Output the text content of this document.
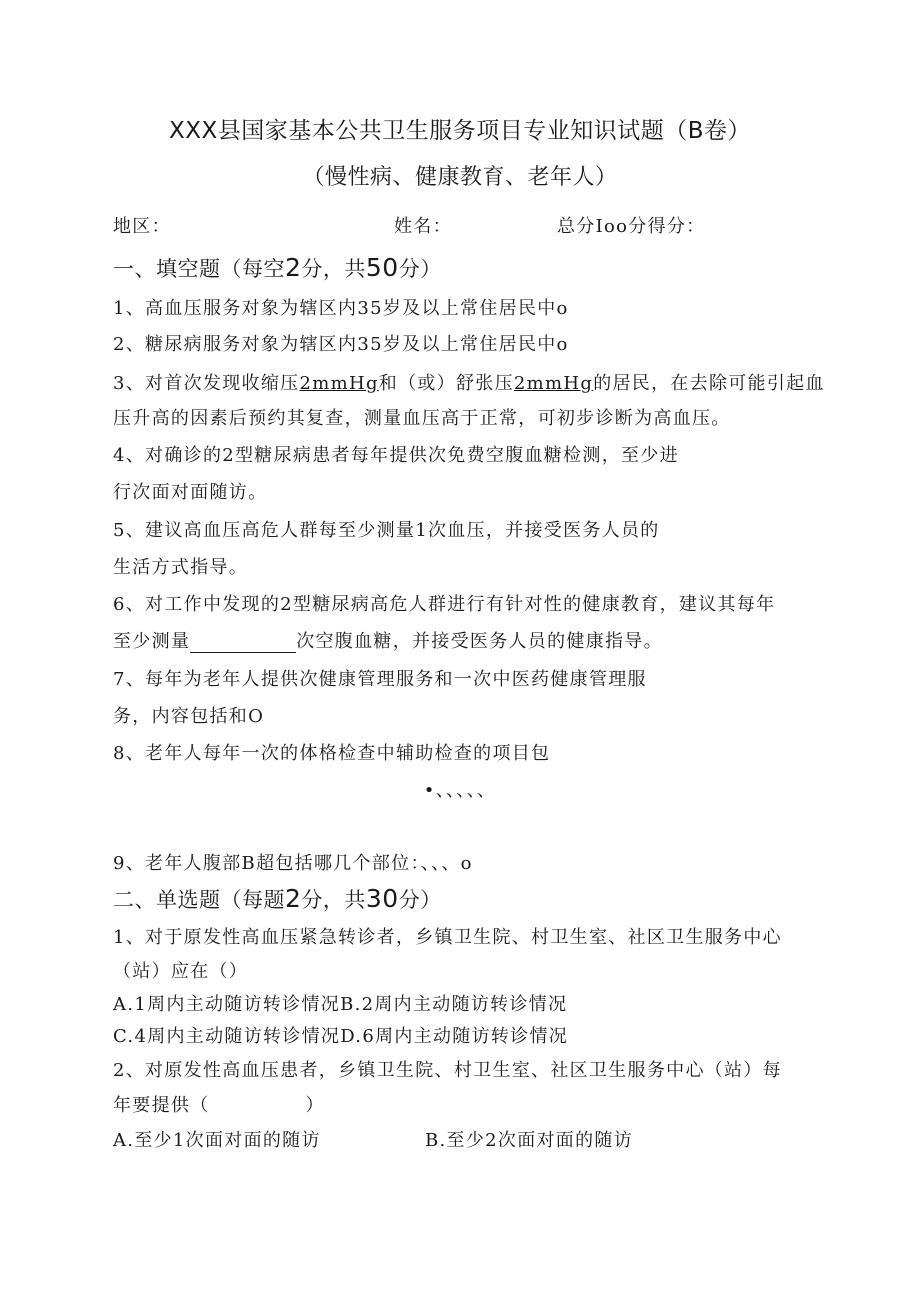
XXX县国家基本公共卫生服务项目专业知识试题（B卷）
（慢性病、健康教育、老年人）
地区：	姓名：	总分Ioo分得分：
一、填空题（每空2分，共50分）
1、高血压服务对象为辖区内35岁及以上常住居民中o
2、糖尿病服务对象为辖区内35岁及以上常住居民中o
3、对首次发现收缩压2mmHg和（或）舒张压2mmHg的居民，在去除可能引起血
压升高的因素后预约其复查，测量血压高于正常，可初步诊断为高血压。
4、对确诊的2型糖尿病患者每年提供次免费空腹血糖检测，至少进
行次面对面随访。
5、建议高血压高危人群每至少测量1次血压，并接受医务人员的
生活方式指导。
6、对工作中发现的2型糖尿病高危人群进行有针对性的健康教育，建议其每年
至少测量	次空腹血糖，并接受医务人员的健康指导。
7、每年为老年人提供次健康管理服务和一次中医药健康管理服
务，内容包括和O
8、老年人每年一次的体格检查中辅助检查的项目包
•、、、、、
9、老年人腹部B超包括哪几个部位：、、、o
二、单选题（每题2分，共30分）
1、对于原发性高血压紧急转诊者，乡镇卫生院、村卫生室、社区卫生服务中心
（站）应在（）
A.1周内主动随访转诊情况B.2周内主动随访转诊情况
C.4周内主动随访转诊情况D.6周内主动随访转诊情况
2、对原发性高血压患者，乡镇卫生院、村卫生室、社区卫生服务中心（站）每
年要提供（	）
A.至少1次面对面的随访	B.至少2次面对面的随访
